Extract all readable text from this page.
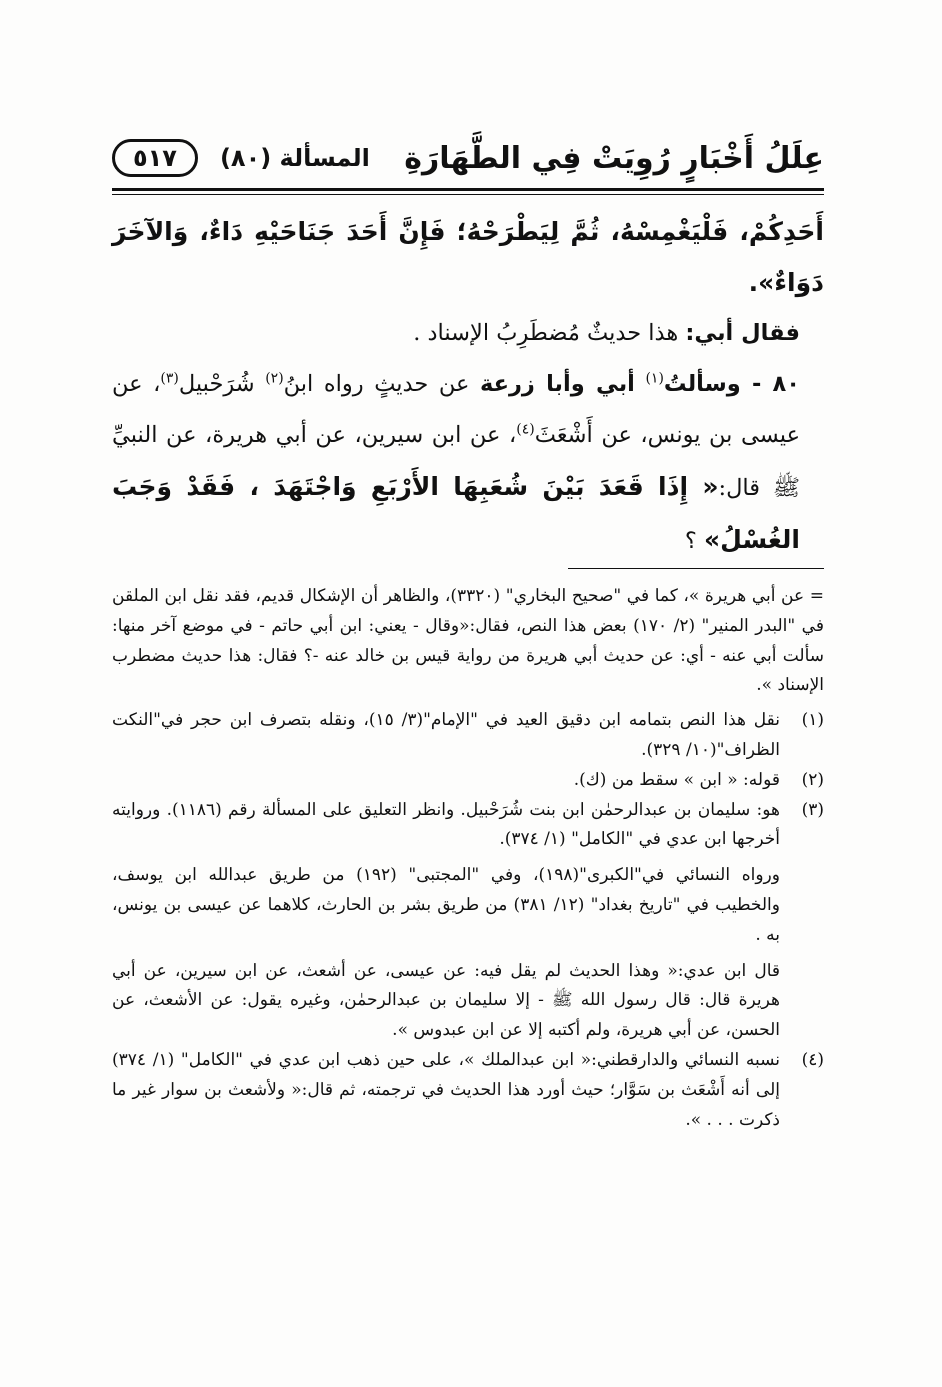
عِلَلُ أَخْبَارٍ رُوِيَتْ فِي الطَّهَارَةِ
المسألة (٨٠)
٥١٧

أَحَدِكُمْ، فَلْيَغْمِسْهُ، ثُمَّ لِيَطْرَحْهُ؛ فَإِنَّ أَحَدَ جَنَاحَيْهِ دَاءٌ، وَالآخَرَ دَوَاءٌ».

فقال أبي: هذا حديثٌ مُضطَرِبُ الإسناد .

٨٠ - وسألتُ$^{(١)}$ أبي وأبا زرعة عن حديثٍ رواه ابنُ$^{(٢)}$ شُرَحْبيل$^{(٣)}$، عن عيسى بن يونس، عن أَشْعَثَ$^{(٤)}$، عن ابن سيرين، عن أبي هريرة، عن النبيِّ ﷺ قال:« إِذَا قَعَدَ بَيْنَ شُعَبِهَا الأَرْبَعِ وَاجْتَهَدَ ، فَقَدْ وَجَبَ الغُسْلُ» ؟

= عن أبي هريرة »، كما في "صحيح البخاري" (٣٣٢٠)، والظاهر أن الإشكال قديم، فقد نقل ابن الملقن في "البدر المنير" (٢/ ١٧٠) بعض هذا النص، فقال:«وقال - يعني: ابن أبي حاتم - في موضع آخر منها: سألت أبي عنه - أي: عن حديث أبي هريرة من رواية قيس بن خالد عنه -؟ فقال: هذا حديث مضطرب الإسناد ».

(١)

نقل هذا النص بتمامه ابن دقيق العيد في "الإمام"(٣/ ١٥)، ونقله بتصرف ابن حجر في"النكت الظراف"(١٠/ ٣٢٩).

(٢)

قوله: « ابن » سقط من (ك).

(٣)

هو: سليمان بن عبدالرحمٰن ابن بنت شُرَحْبيل. وانظر التعليق على المسألة رقم (١١٨٦). وروايته أخرجها ابن عدي في "الكامل" (١/ ٣٧٤).

ورواه النسائي في"الكبرى"(١٩٨)، وفي "المجتبى" (١٩٢) من طريق عبدالله ابن يوسف، والخطيب في "تاريخ بغداد" (١٢/ ٣٨١) من طريق بشر بن الحارث، كلاهما عن عيسى بن يونس، به .

قال ابن عدي:« وهذا الحديث لم يقل فيه: عن عيسى، عن أشعث، عن ابن سيرين، عن أبي هريرة قال: قال رسول الله ﷺ - إلا سليمان بن عبدالرحمٰن، وغيره يقول: عن الأشعث، عن الحسن، عن أبي هريرة، ولم أكتبه إلا عن ابن عبدوس ».

(٤)

نسبه النسائي والدارقطني:« ابن عبدالملك »، على حين ذهب ابن عدي في "الكامل" (١/ ٣٧٤) إلى أنه أَشْعَث بن سَوَّار؛ حيث أورد هذا الحديث في ترجمته، ثم قال:« ولأشعث بن سوار غير ما ذكرت . . . ».
